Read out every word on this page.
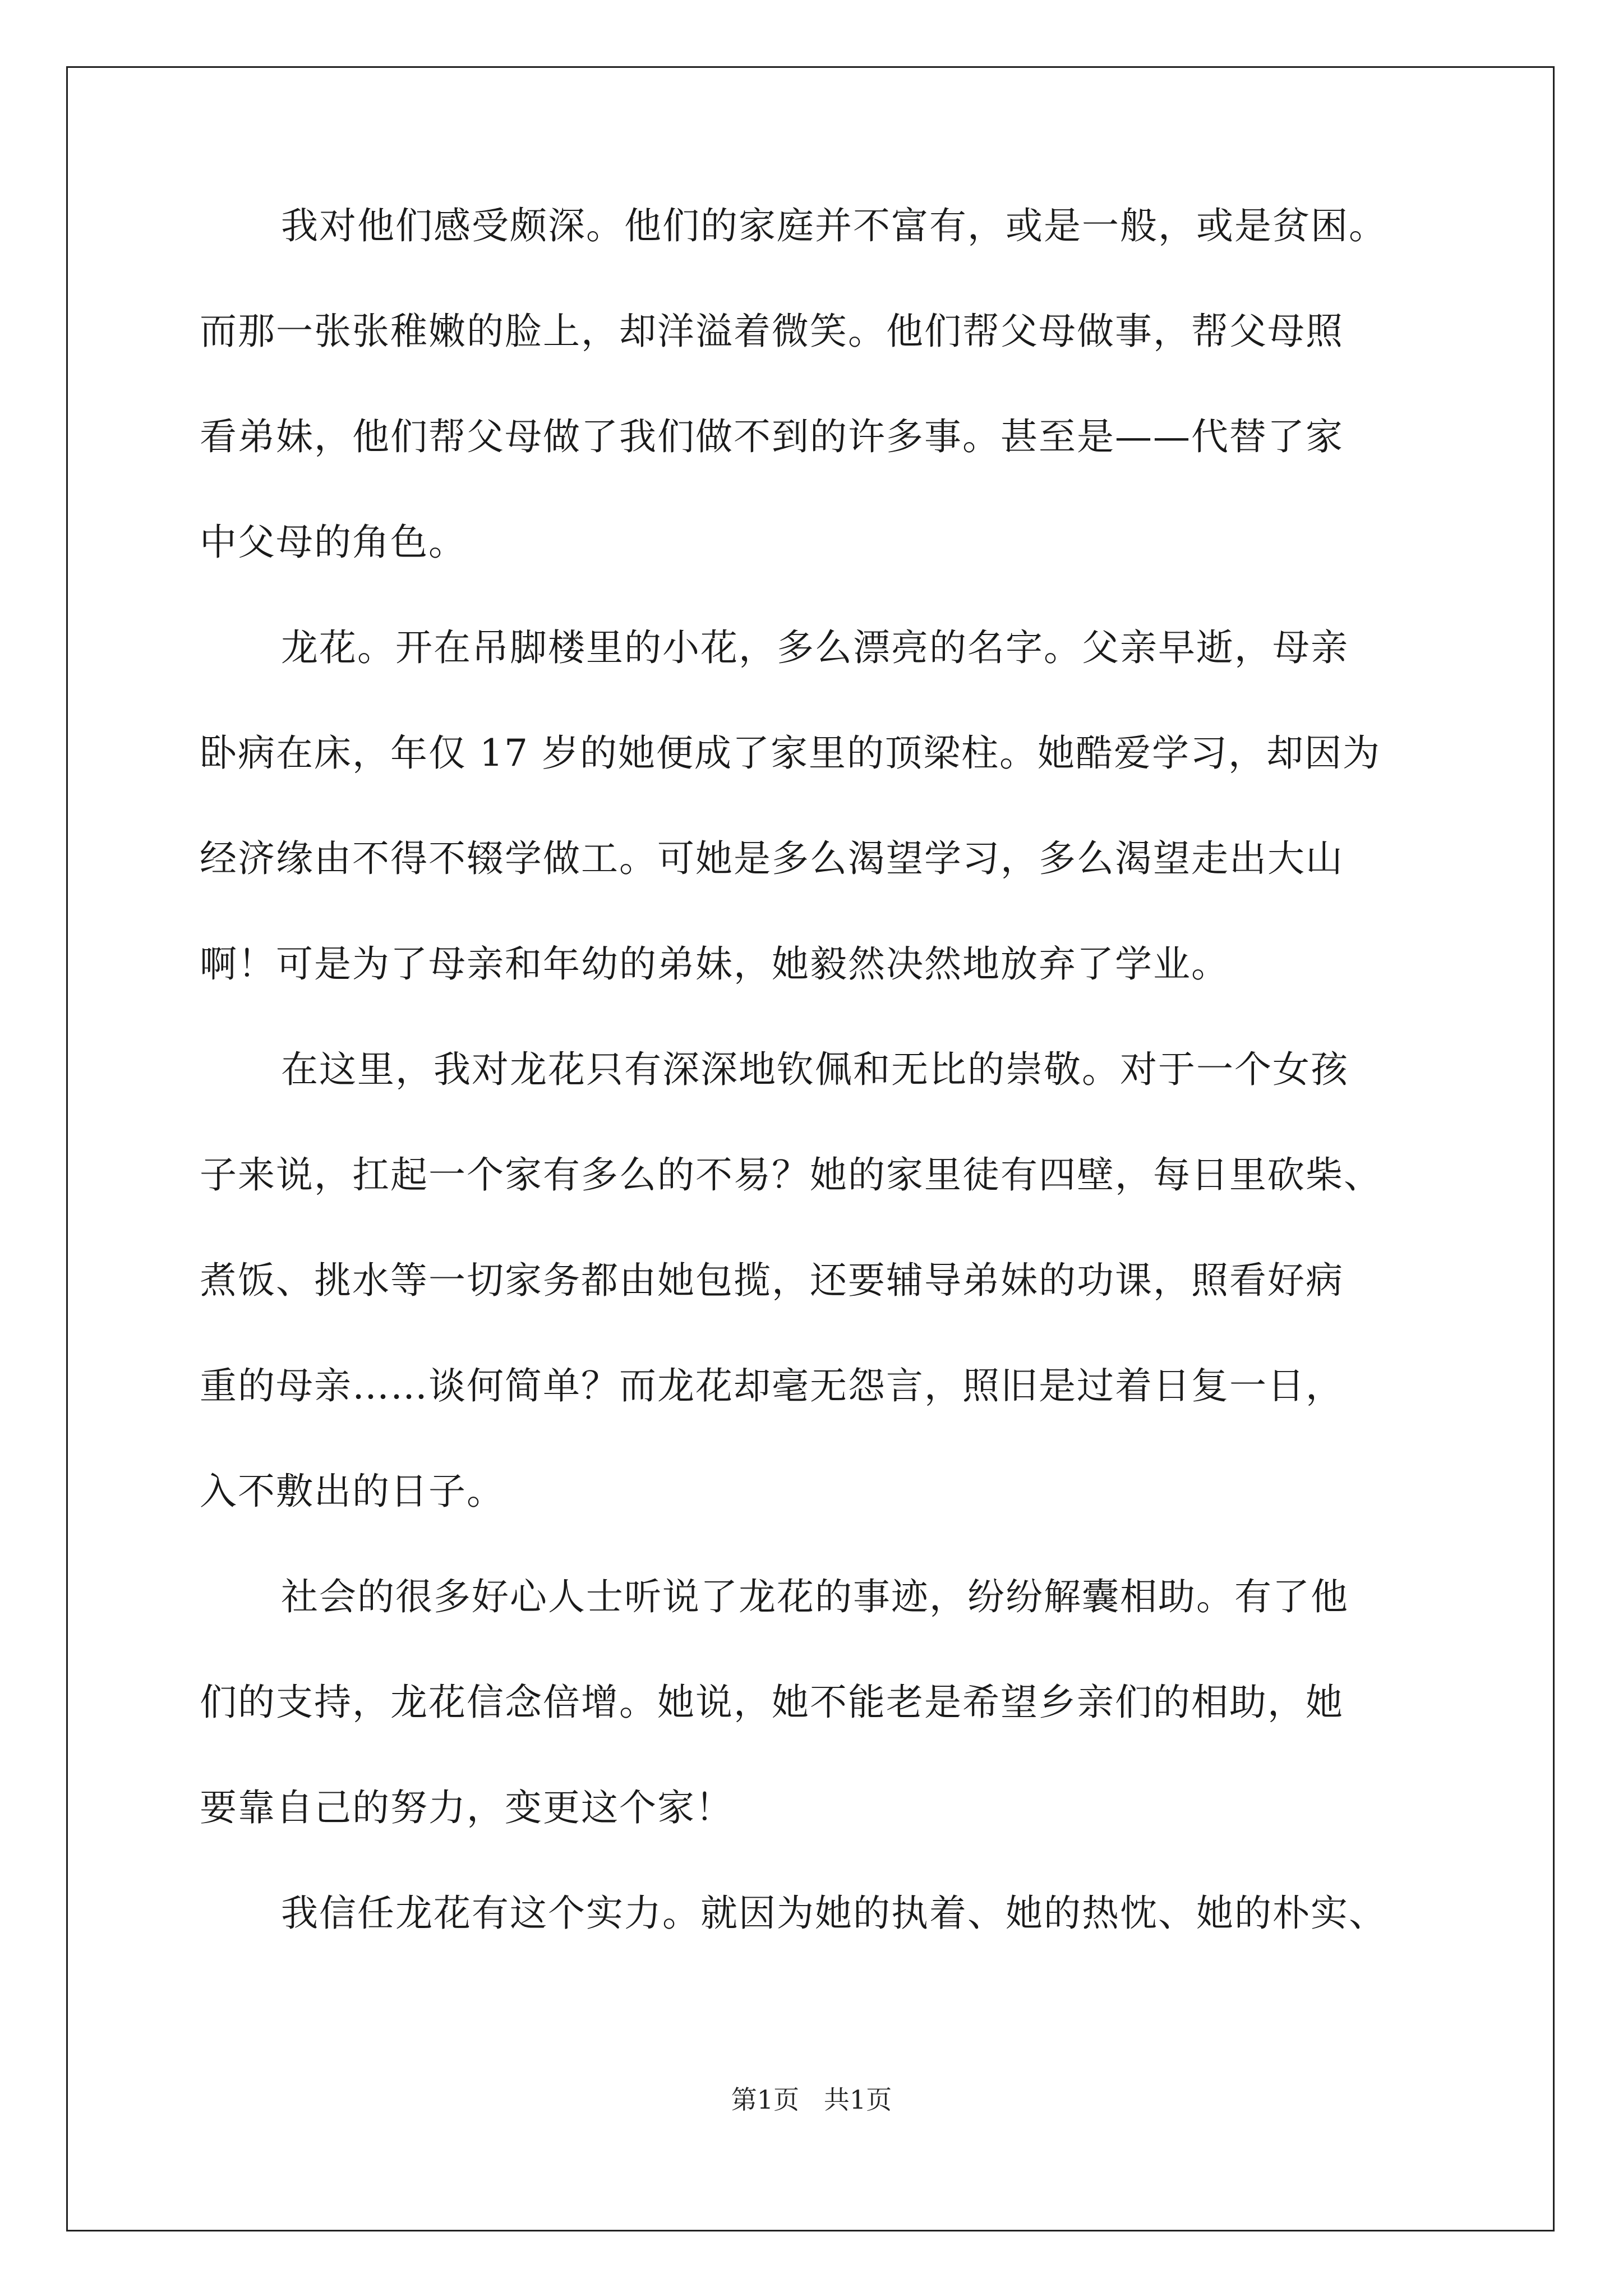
我对他们感受颇深。他们的家庭并不富有，或是一般，或是贫困。
而那一张张稚嫩的脸上，却洋溢着微笑。他们帮父母做事，帮父母照
看弟妹，他们帮父母做了我们做不到的许多事。甚至是——代替了家
中父母的角色。
龙花。开在吊脚楼里的小花，多么漂亮的名字。父亲早逝，母亲
卧病在床，年仅 17 岁的她便成了家里的顶梁柱。她酷爱学习，却因为
经济缘由不得不辍学做工。可她是多么渴望学习，多么渴望走出大山
啊！可是为了母亲和年幼的弟妹，她毅然决然地放弃了学业。
在这里，我对龙花只有深深地钦佩和无比的崇敬。对于一个女孩
子来说，扛起一个家有多么的不易？她的家里徒有四壁，每日里砍柴、
煮饭、挑水等一切家务都由她包揽，还要辅导弟妹的功课，照看好病
重的母亲……谈何简单？而龙花却毫无怨言，照旧是过着日复一日，
入不敷出的日子。
社会的很多好心人士听说了龙花的事迹，纷纷解囊相助。有了他
们的支持，龙花信念倍增。她说，她不能老是希望乡亲们的相助，她
要靠自己的努力，变更这个家！
我信任龙花有这个实力。就因为她的执着、她的热忱、她的朴实、
第1页   共1页
